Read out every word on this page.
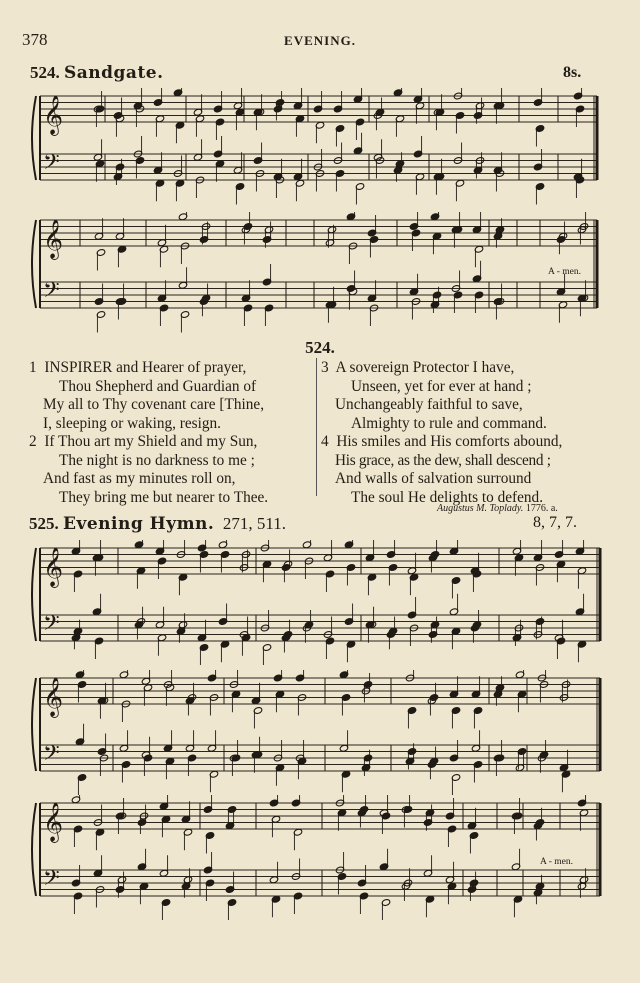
378	EVENING.
524. Sandgate.	8s.
𝄞
𝄢
𝄞
𝄢
A - men.
524.
1 INSPIRER and Hearer of prayer,
Thou Shepherd and Guardian of
My all to Thy covenant care [Thine,
I, sleeping or waking, resign.
2 If Thou art my Shield and my Sun,
The night is no darkness to me ;
And fast as my minutes roll on,
They bring me but nearer to Thee.
3 A sovereign Protector I have,
Unseen, yet for ever at hand ;
Unchangeably faithful to save,
Almighty to rule and command.
4 His smiles and His comforts abound,
His grace, as the dew, shall descend ;
And walls of salvation surround
The soul He delights to defend.
Augustus M. Toplady. 1776. a.
525. Evening Hymn. 271, 511.	8, 7, 7.
𝄞
𝄢
𝄞
𝄢
𝄞
𝄢
A - men.
